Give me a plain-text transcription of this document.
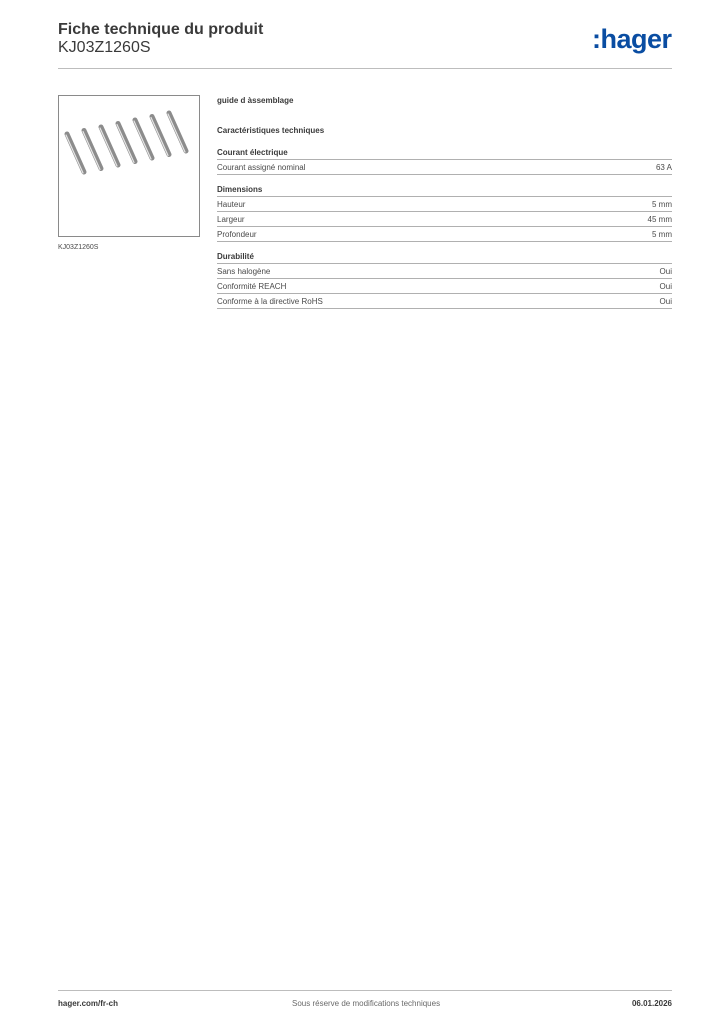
Fiche technique du produit
KJ03Z1260S	:hager
KJ03Z1260S
guide d àssemblage
Caractéristiques techniques
Courant électrique
Courant assigné nominal	63 A
Dimensions
Hauteur	5 mm
Largeur	45 mm
Profondeur	5 mm
Durabilité
Sans halogène	Oui
Conformité REACH	Oui
Conforme à la directive RoHS	Oui
hager.com/fr-ch	Sous réserve de modifications techniques	06.01.2026
